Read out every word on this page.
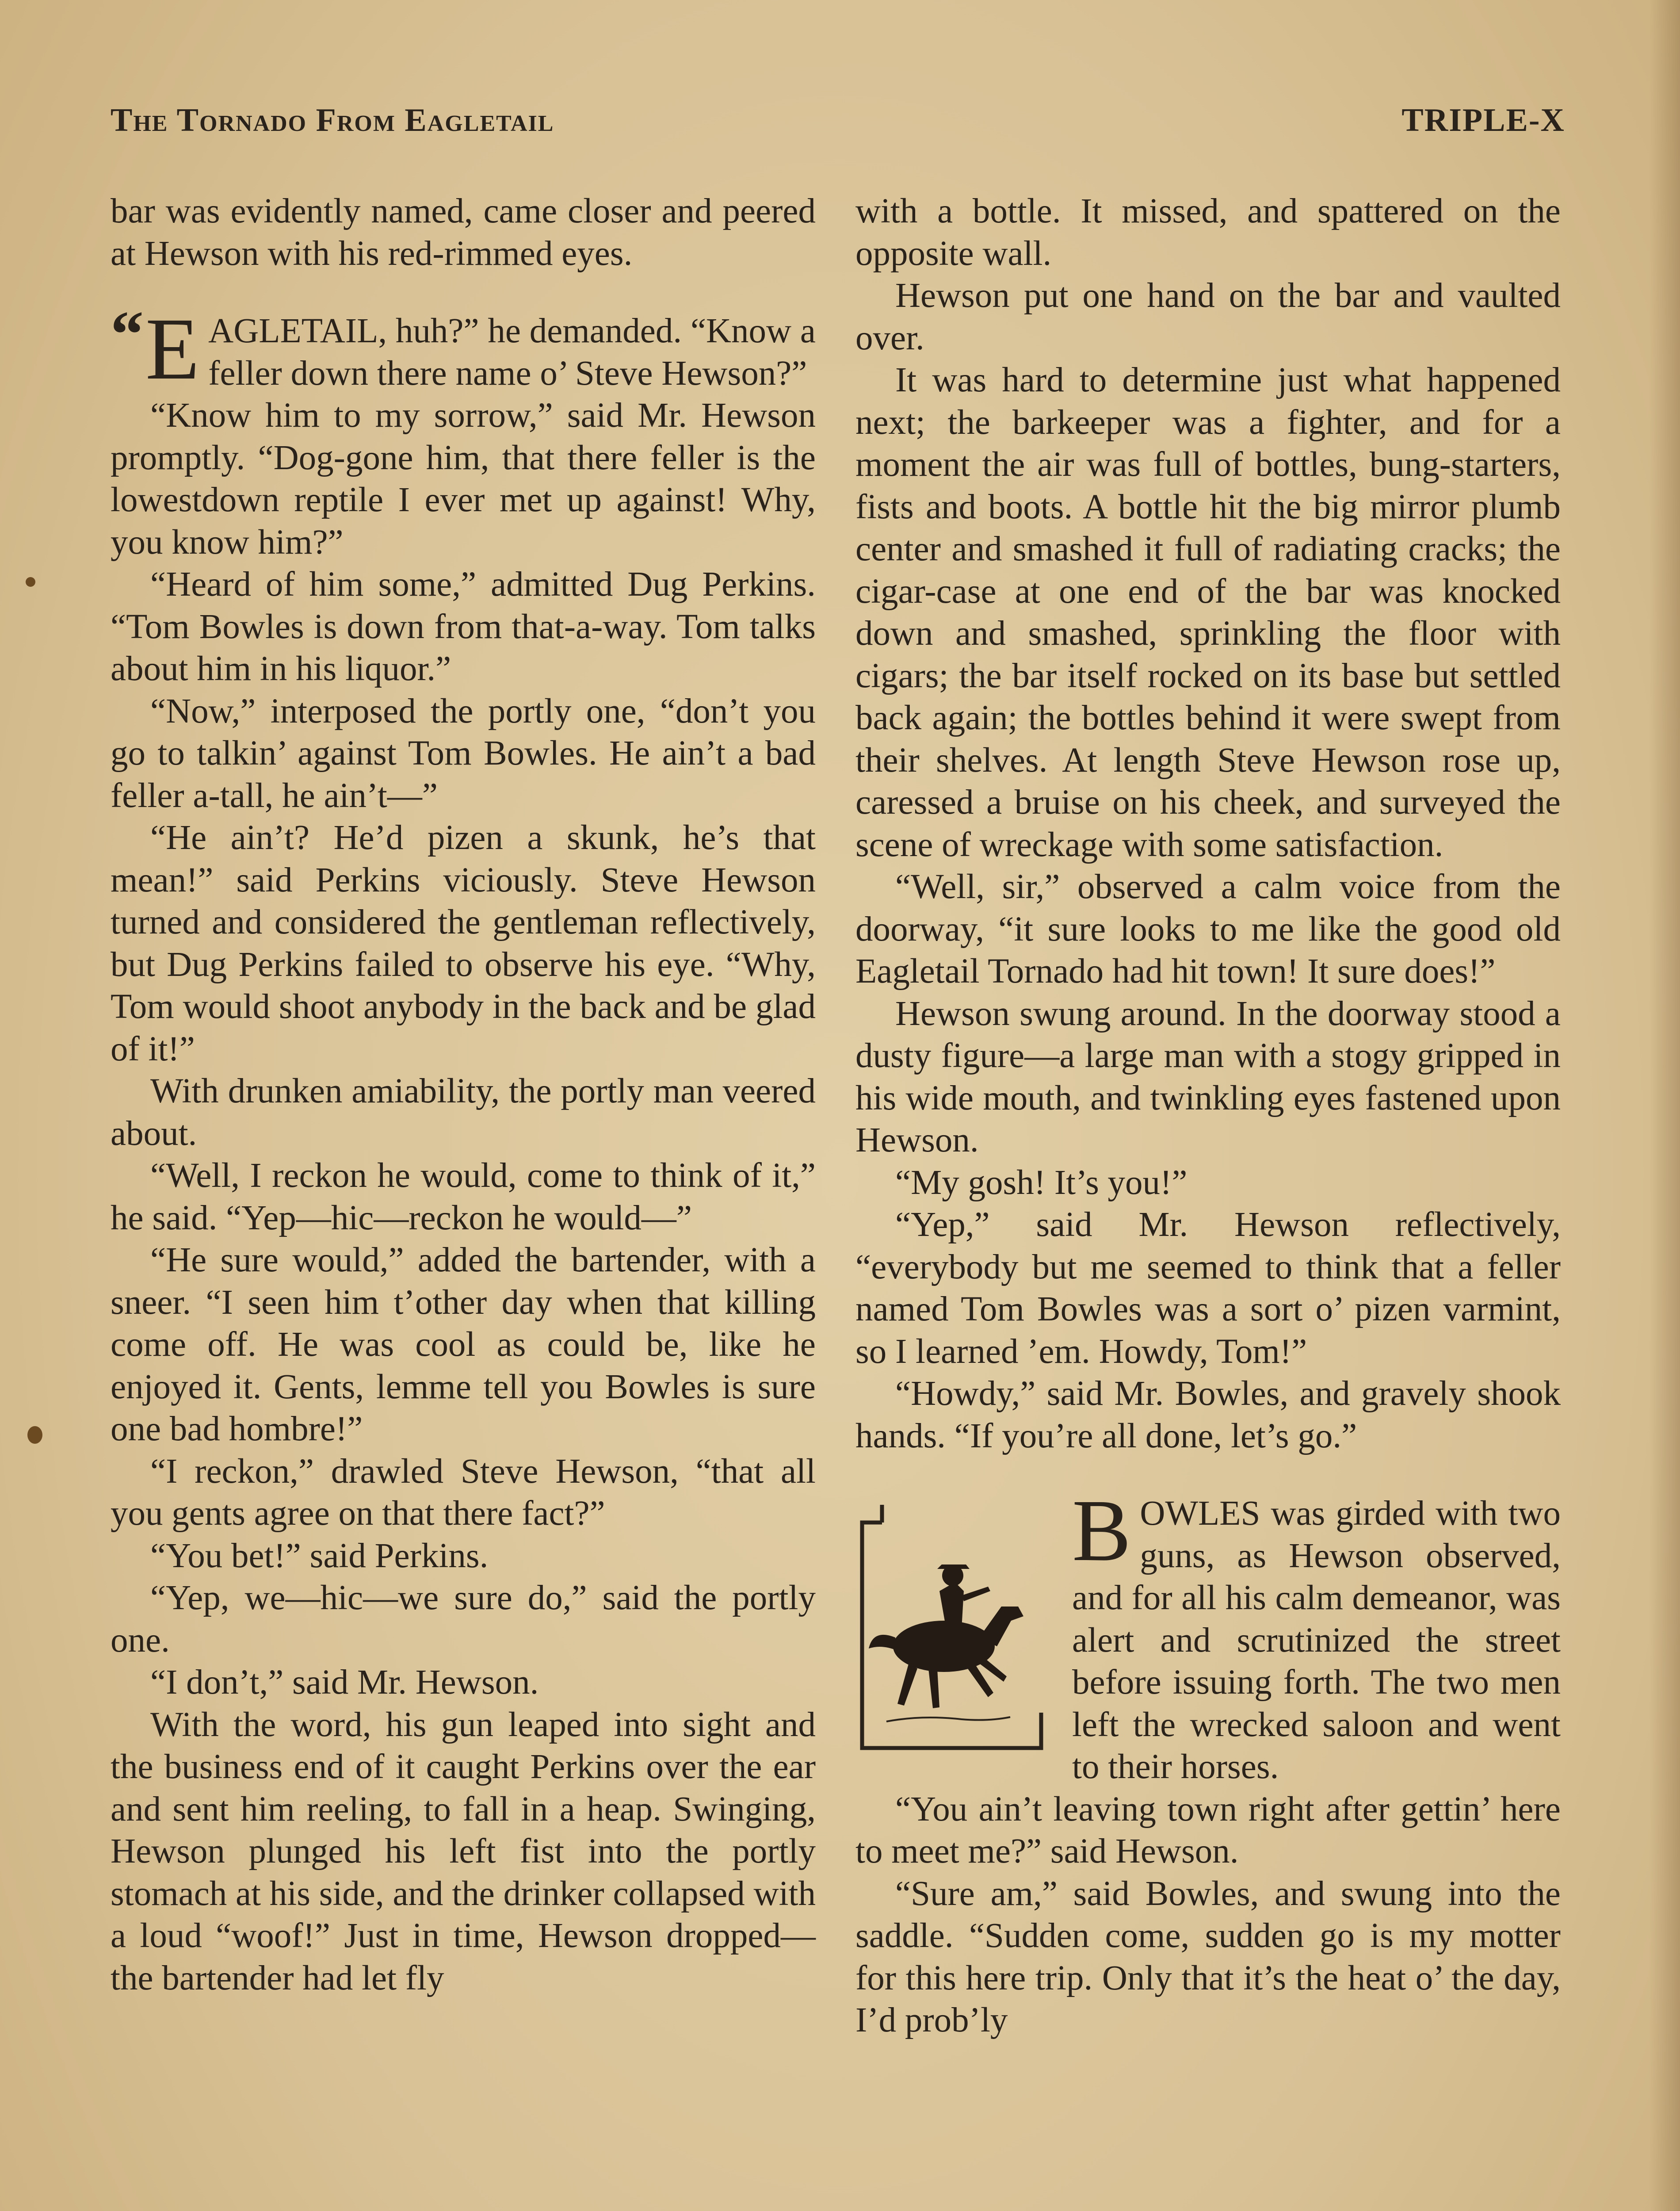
The Tornado From Eagletail	TRIPLE-X

bar was evidently named, came closer and peered at Hewson with his red-rimmed eyes.

“ E AGLETAIL, huh?” he demanded. “Know a feller down there name o’ Steve Hewson?”

“Know him to my sorrow,” said Mr. Hewson promptly. “Dog-gone him, that there feller is the lowestdown reptile I ever met up against! Why, you know him?”

“Heard of him some,” admitted Dug Perkins. “Tom Bowles is down from that-a-way. Tom talks about him in his liquor.”

“Now,” interposed the portly one, “don’t you go to talkin’ against Tom Bowles. He ain’t a bad feller a-tall, he ain’t—”

“He ain’t? He’d pizen a skunk, he’s that mean!” said Perkins viciously. Steve Hewson turned and considered the gentleman reflectively, but Dug Perkins failed to observe his eye. “Why, Tom would shoot anybody in the back and be glad of it!”

With drunken amiability, the portly man veered about.

“Well, I reckon he would, come to think of it,” he said. “Yep—hic—reckon he would—”

“He sure would,” added the bartender, with a sneer. “I seen him t’other day when that killing come off. He was cool as could be, like he enjoyed it. Gents, lemme tell you Bowles is sure one bad hombre!”

“I reckon,” drawled Steve Hewson, “that all you gents agree on that there fact?”

“You bet!” said Perkins.

“Yep, we—hic—we sure do,” said the portly one.

“I don’t,” said Mr. Hewson.

With the word, his gun leaped into sight and the business end of it caught Perkins over the ear and sent him reeling, to fall in a heap. Swinging, Hewson plunged his left fist into the portly stomach at his side, and the drinker collapsed with a loud “woof!” Just in time, Hewson dropped—the bartender had let fly

with a bottle. It missed, and spattered on the opposite wall.

Hewson put one hand on the bar and vaulted over.

It was hard to determine just what happened next; the barkeeper was a fighter, and for a moment the air was full of bottles, bung-starters, fists and boots. A bottle hit the big mirror plumb center and smashed it full of radiating cracks; the cigar-case at one end of the bar was knocked down and smashed, sprinkling the floor with cigars; the bar itself rocked on its base but settled back again; the bottles behind it were swept from their shelves. At length Steve Hewson rose up, caressed a bruise on his cheek, and surveyed the scene of wreckage with some satisfaction.

“Well, sir,” observed a calm voice from the doorway, “it sure looks to me like the good old Eagletail Tornado had hit town! It sure does!”

Hewson swung around. In the doorway stood a dusty figure—a large man with a stogy gripped in his wide mouth, and twinkling eyes fastened upon Hewson.

“My gosh! It’s you!”

“Yep,” said Mr. Hewson reflectively, “everybody but me seemed to think that a feller named Tom Bowles was a sort o’ pizen varmint, so I learned ’em. Howdy, Tom!”

“Howdy,” said Mr. Bowles, and gravely shook hands. “If you’re all done, let’s go.”

BOWLES was girded with two guns, as Hewson observed, and for all his calm demeanor, was alert and scrutinized the street before issuing forth. The two men left the wrecked saloon and went to their horses.

“You ain’t leaving town right after gettin’ here to meet me?” said Hewson.

“Sure am,” said Bowles, and swung into the saddle. “Sudden come, sudden go is my motter for this here trip. Only that it’s the heat o’ the day, I’d prob’ly
